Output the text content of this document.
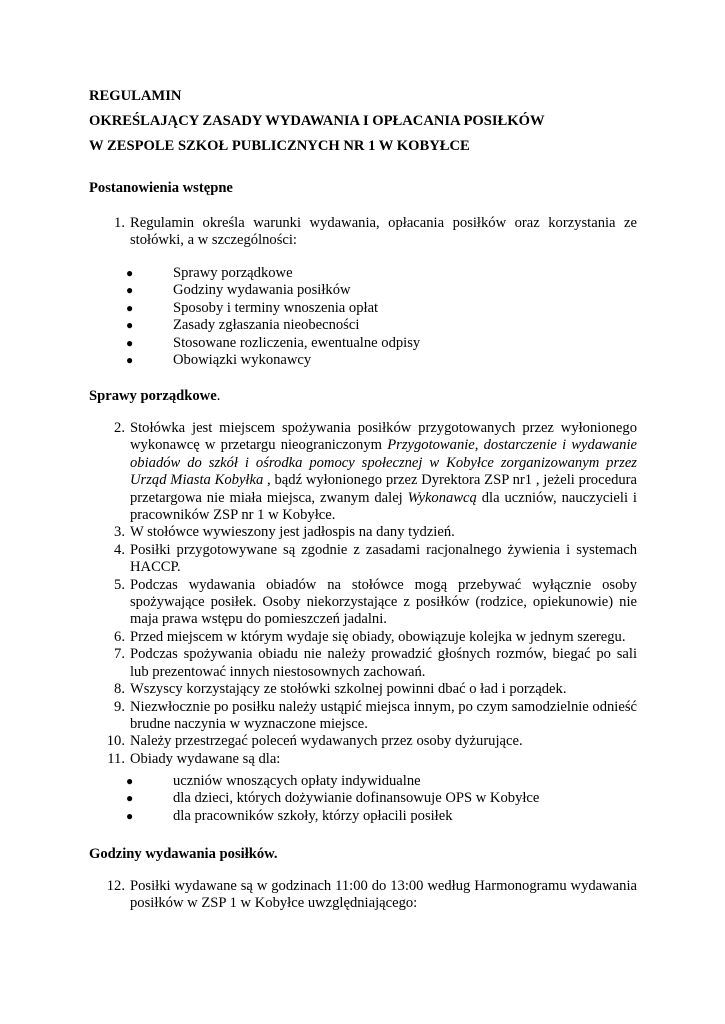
REGULAMIN
OKREŚLAJĄCY ZASADY WYDAWANIA I OPŁACANIA POSIŁKÓW
W ZESPOLE SZKOŁ PUBLICZNYCH NR 1 W KOBYŁCE
Postanowienia wstępne
1. Regulamin określa warunki wydawania, opłacania posiłków oraz korzystania ze stołówki, a w szczególności:
●	Sprawy porządkowe
●	Godziny wydawania posiłków
●	Sposoby i terminy wnoszenia opłat
●	Zasady zgłaszania nieobecności
●	Stosowane rozliczenia, ewentualne odpisy
●	Obowiązki wykonawcy
Sprawy porządkowe.
2. Stołówka jest miejscem spożywania posiłków przygotowanych przez wyłonionego wykonawcę w przetargu nieograniczonym Przygotowanie, dostarczenie i wydawanie obiadów do szkół i ośrodka pomocy społecznej w Kobyłce zorganizowanym przez Urząd Miasta Kobyłka , bądź wyłonionego przez Dyrektora ZSP nr1 , jeżeli procedura przetargowa nie miała miejsca, zwanym dalej Wykonawcą dla uczniów, nauczycieli i pracowników ZSP nr 1 w Kobyłce.
3. W stołówce wywieszony jest jadłospis na dany tydzień.
4. Posiłki przygotowywane są zgodnie z zasadami racjonalnego żywienia i systemach HACCP.
5. Podczas wydawania obiadów na stołówce mogą przebywać wyłącznie osoby spożywające posiłek. Osoby niekorzystające z posiłków (rodzice, opiekunowie) nie maja prawa wstępu do pomieszczeń jadalni.
6. Przed miejscem w którym wydaje się obiady, obowiązuje kolejka w jednym szeregu.
7. Podczas spożywania obiadu nie należy prowadzić głośnych rozmów, biegać po sali lub prezentować innych niestosownych zachowań.
8. Wszyscy korzystający ze stołówki szkolnej powinni dbać o ład i porządek.
9. Niezwłocznie po posiłku należy ustąpić miejsca innym, po czym samodzielnie odnieść brudne naczynia w wyznaczone miejsce.
10. Należy przestrzegać poleceń wydawanych przez osoby dyżurujące.
11. Obiady wydawane są dla:
●	uczniów wnoszących opłaty indywidualne
●	dla dzieci, których dożywianie dofinansowuje OPS w Kobyłce
●	dla pracowników szkoły, którzy opłacili posiłek
Godziny wydawania posiłków.
12. Posiłki wydawane są w godzinach 11:00 do 13:00 według Harmonogramu wydawania posiłków w ZSP 1 w Kobyłce uwzględniającego:
